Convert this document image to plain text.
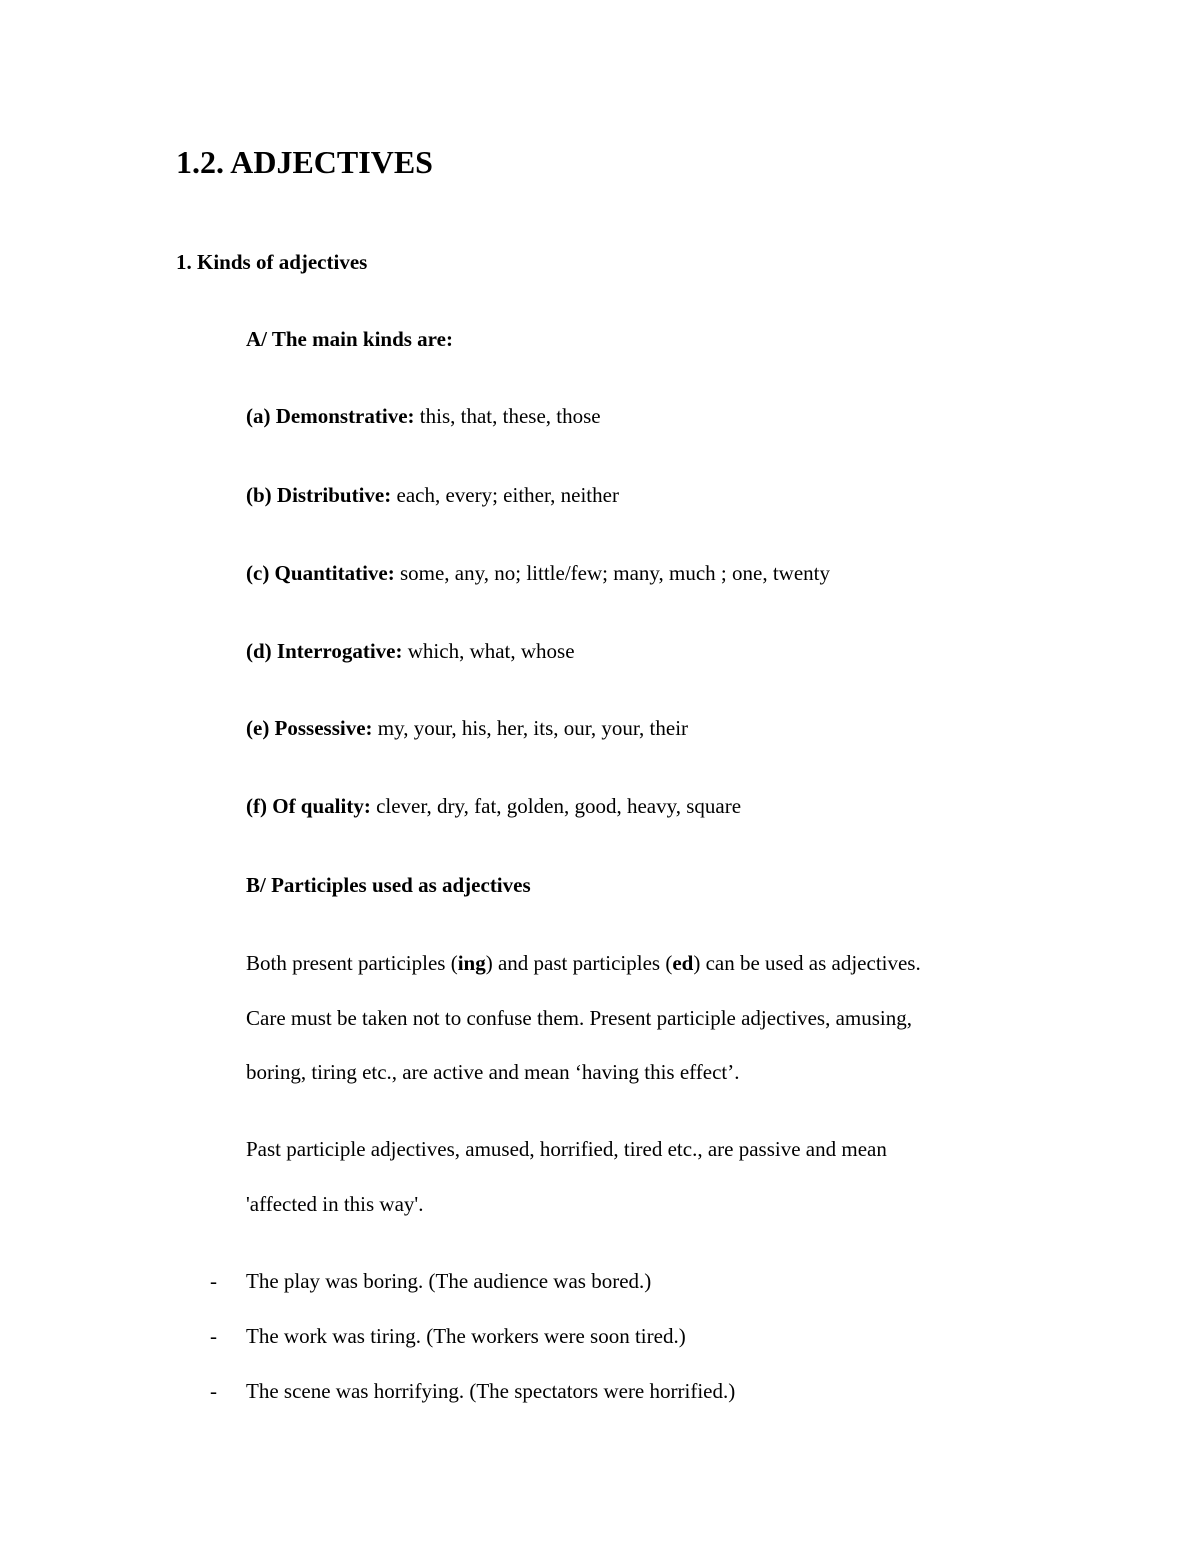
1.2. ADJECTIVES
1. Kinds of adjectives
A/ The main kinds are:
(a) Demonstrative: this, that, these, those
(b) Distributive: each, every; either, neither
(c) Quantitative: some, any, no; little/few; many, much ; one, twenty
(d) Interrogative: which, what, whose
(e) Possessive: my, your, his, her, its, our, your, their
(f) Of quality: clever, dry, fat, golden, good, heavy, square
B/ Participles used as adjectives
Both present participles (ing) and past participles (ed) can be used as adjectives.
Care must be taken not to confuse them. Present participle adjectives, amusing,
boring, tiring etc., are active and mean ‘having this effect’.
Past participle adjectives, amused, horrified, tired etc., are passive and mean
'affected in this way'.
- The play was boring. (The audience was bored.)
- The work was tiring. (The workers were soon tired.)
- The scene was horrifying. (The spectators were horrified.)
